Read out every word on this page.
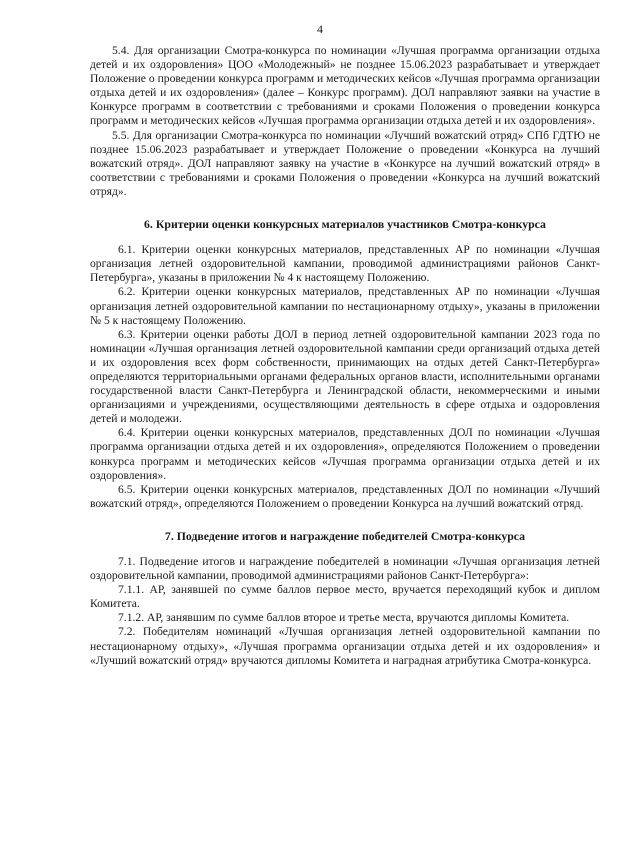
4

5.4. Для организации Смотра-конкурса по номинации «Лучшая программа организации отдыха детей и их оздоровления» ЦОО «Молодежный» не позднее 15.06.2023 разрабатывает и утверждает Положение о проведении конкурса программ и методических кейсов «Лучшая программа организации отдыха детей и их оздоровления» (далее – Конкурс программ). ДОЛ направляют заявки на участие в Конкурсе программ в соответствии с требованиями и сроками Положения о проведении конкурса программ и методических кейсов «Лучшая программа организации отдыха детей и их оздоровления».

5.5. Для организации Смотра-конкурса по номинации «Лучший вожатский отряд» СПб ГДТЮ не позднее 15.06.2023 разрабатывает и утверждает Положение о проведении «Конкурса на лучший вожатский отряд». ДОЛ направляют заявку на участие в «Конкурсе на лучший вожатский отряд» в соответствии с требованиями и сроками Положения о проведении «Конкурса на лучший вожатский отряд».

6. Критерии оценки конкурсных материалов участников Смотра-конкурса

6.1. Критерии оценки конкурсных материалов, представленных АР по номинации «Лучшая организация летней оздоровительной кампании, проводимой администрациями районов Санкт-Петербурга», указаны в приложении № 4 к настоящему Положению.

6.2. Критерии оценки конкурсных материалов, представленных АР по номинации «Лучшая организация летней оздоровительной кампании по нестационарному отдыху», указаны в приложении № 5 к настоящему Положению.

6.3. Критерии оценки работы ДОЛ в период летней оздоровительной кампании 2023 года по номинации «Лучшая организация летней оздоровительной кампании среди организаций отдыха детей и их оздоровления всех форм собственности, принимающих на отдых детей Санкт-Петербурга» определяются территориальными органами федеральных органов власти, исполнительными органами государственной власти Санкт-Петербурга и Ленинградской области, некоммерческими и иными организациями и учреждениями, осуществляющими деятельность в сфере отдыха и оздоровления детей и молодежи.

6.4. Критерии оценки конкурсных материалов, представленных ДОЛ по номинации «Лучшая программа организации отдыха детей и их оздоровления», определяются Положением о проведении конкурса программ и методических кейсов «Лучшая программа организации отдыха детей и их оздоровления».

6.5. Критерии оценки конкурсных материалов, представленных ДОЛ по номинации «Лучший вожатский отряд», определяются Положением о проведении Конкурса на лучший вожатский отряд.

7. Подведение итогов и награждение победителей Смотра-конкурса

7.1. Подведение итогов и награждение победителей в номинации «Лучшая организация летней оздоровительной кампании, проводимой администрациями районов Санкт-Петербурга»:

7.1.1. АР, занявшей по сумме баллов первое место, вручается переходящий кубок и диплом Комитета.

7.1.2. АР, занявшим по сумме баллов второе и третье места, вручаются дипломы Комитета.

7.2. Победителям номинаций «Лучшая организация летней оздоровительной кампании по нестационарному отдыху», «Лучшая программа организации отдыха детей и их оздоровления» и «Лучший вожатский отряд» вручаются дипломы Комитета и наградная атрибутика Смотра-конкурса.
